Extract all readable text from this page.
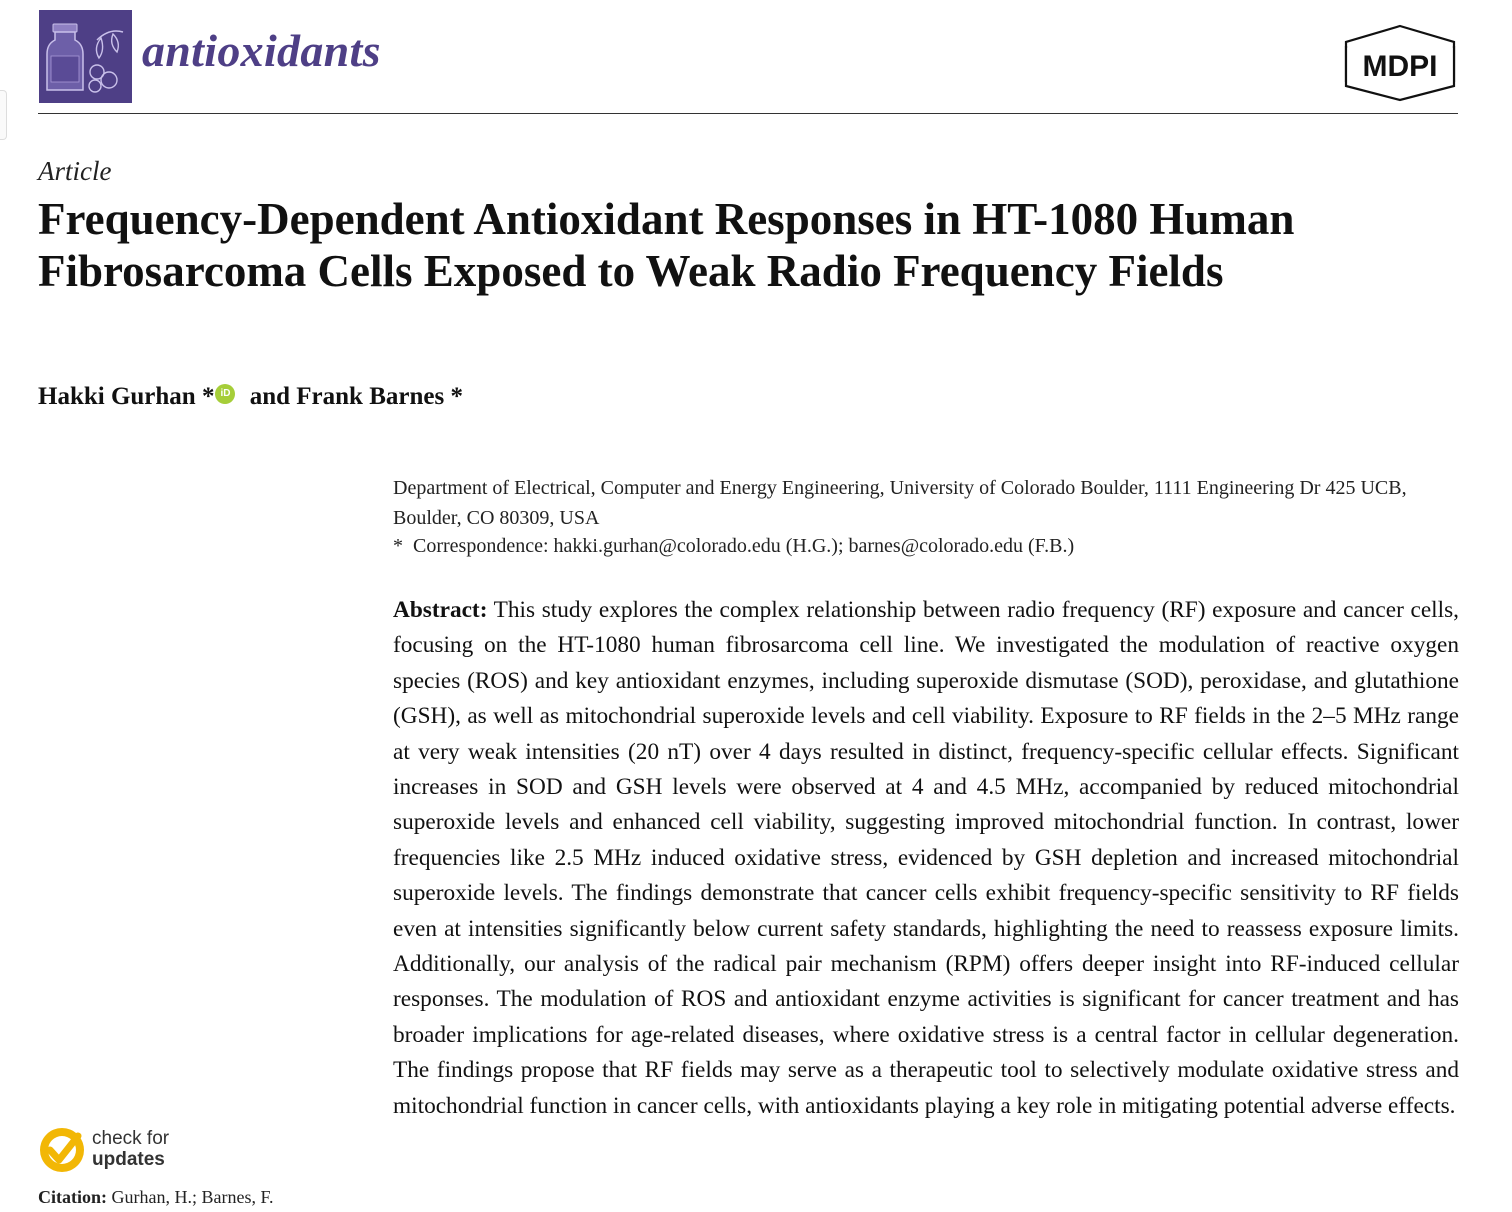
antioxidants	MDPI
Article
Frequency-Dependent Antioxidant Responses in HT-1080 Human Fibrosarcoma Cells Exposed to Weak Radio Frequency Fields
Hakki Gurhan * iD and Frank Barnes *
Department of Electrical, Computer and Energy Engineering, University of Colorado Boulder, 1111 Engineering Dr 425 UCB, Boulder, CO 80309, USA
* Correspondence: hakki.gurhan@colorado.edu (H.G.); barnes@colorado.edu (F.B.)
Abstract: This study explores the complex relationship between radio frequency (RF) exposure and cancer cells, focusing on the HT-1080 human fibrosarcoma cell line. We investigated the modulation of reactive oxygen species (ROS) and key antioxidant enzymes, including superoxide dismutase (SOD), peroxidase, and glutathione (GSH), as well as mitochondrial superoxide levels and cell viability. Exposure to RF fields in the 2–5 MHz range at very weak intensities (20 nT) over 4 days resulted in distinct, frequency-specific cellular effects. Significant increases in SOD and GSH levels were observed at 4 and 4.5 MHz, accompanied by reduced mitochondrial superoxide levels and enhanced cell viability, suggesting improved mitochondrial function. In contrast, lower frequencies like 2.5 MHz induced oxidative stress, evidenced by GSH depletion and increased mitochondrial superoxide levels. The findings demonstrate that cancer cells exhibit frequency-specific sensitivity to RF fields even at intensities significantly below current safety standards, highlighting the need to reassess exposure limits. Additionally, our analysis of the radical pair mechanism (RPM) offers deeper insight into RF-induced cellular responses. The modulation of ROS and antioxidant enzyme activities is significant for cancer treatment and has broader implications for age-related diseases, where oxidative stress is a central factor in cellular degeneration. The findings propose that RF fields may serve as a therapeutic tool to selectively modulate oxidative stress and mitochondrial function in cancer cells, with antioxidants playing a key role in mitigating potential adverse effects.
check for
updates
Citation: Gurhan, H.; Barnes, F.
